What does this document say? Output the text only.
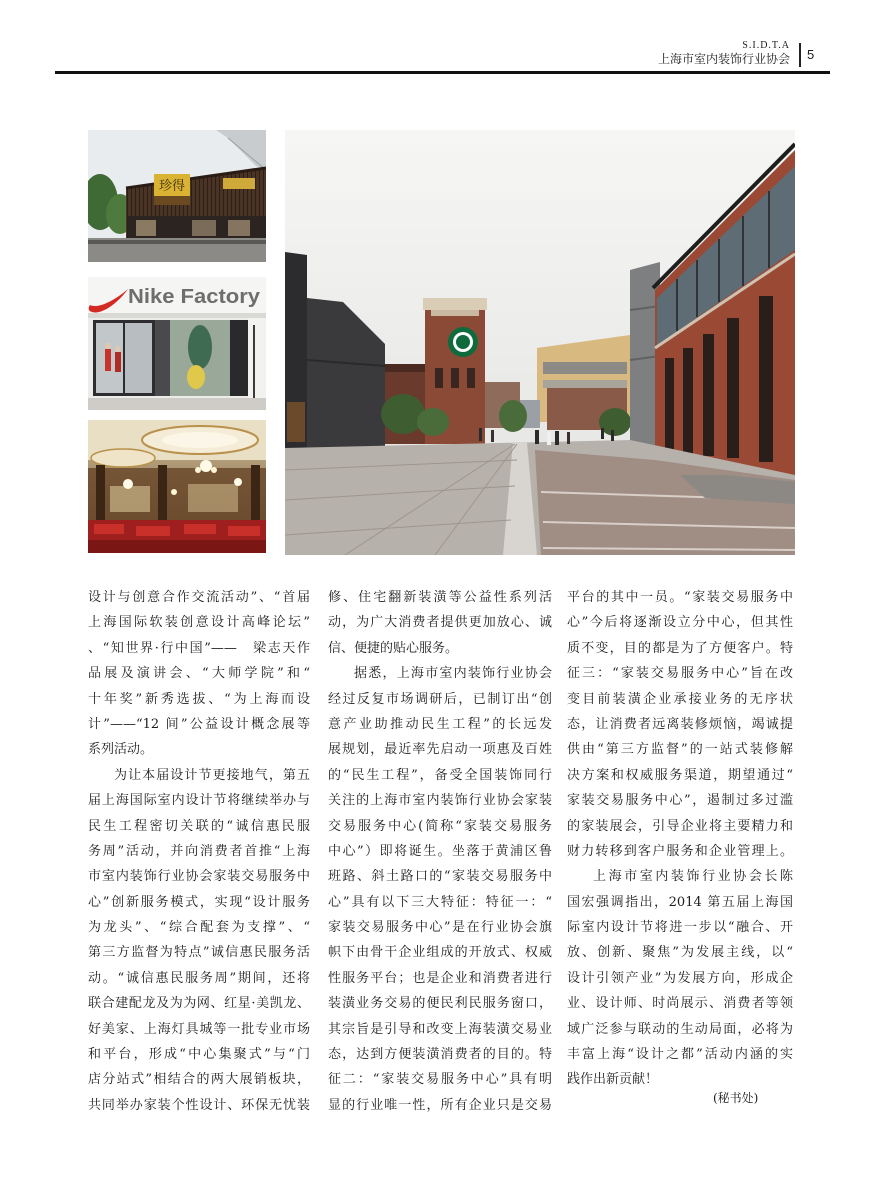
S.I.D.T.A
上海市室内装饰行业协会 5
珍得
Nike Factory
设计与创意合作交流活动”、“首届
上海国际软装创意设计高峰论坛”
、“知世界·行中国”——　梁志天作
品展及演讲会、“大师学院”和“
十年奖”新秀选拔、“为上海而设
计”——“12 间”公益设计概念展等
系列活动。
为让本届设计节更接地气，第五
届上海国际室内设计节将继续举办与
民生工程密切关联的“诚信惠民服
务周”活动，并向消费者首推“上海
市室内装饰行业协会家装交易服务中
心”创新服务模式，实现“设计服务
为龙头”、“综合配套为支撑”、“
第三方监督为特点”诚信惠民服务活
动。“诚信惠民服务周”期间，还将
联合建配龙及为为网、红星·美凯龙、
好美家、上海灯具城等一批专业市场
和平台，形成“中心集聚式”与“门
店分站式”相结合的两大展销板块，
共同举办家装个性设计、环保无忧装
修、住宅翻新装潢等公益性系列活
动，为广大消费者提供更加放心、诚
信、便捷的贴心服务。
据悉，上海市室内装饰行业协会
经过反复市场调研后，已制订出“创
意产业助推动民生工程”的长远发
展规划，最近率先启动一项惠及百姓
的“民生工程”，备受全国装饰同行
关注的上海市室内装饰行业协会家装
交易服务中心(简称“家装交易服务
中心”）即将诞生。坐落于黄浦区鲁
班路、斜土路口的“家装交易服务中
心”具有以下三大特征：特征一：“
家装交易服务中心”是在行业协会旗
帜下由骨干企业组成的开放式、权威
性服务平台；也是企业和消费者进行
装潢业务交易的便民利民服务窗口，
其宗旨是引导和改变上海装潢交易业
态，达到方便装潢消费者的目的。特
征二：“家装交易服务中心”具有明
显的行业唯一性，所有企业只是交易
平台的其中一员。“家装交易服务中
心”今后将逐渐设立分中心，但其性
质不变，目的都是为了方便客户。特
征三：“家装交易服务中心”旨在改
变目前装潢企业承接业务的无序状
态，让消费者远离装修烦恼，竭诚提
供由“第三方监督”的一站式装修解
决方案和权威服务渠道，期望通过“
家装交易服务中心”，遏制过多过滥
的家装展会，引导企业将主要精力和
财力转移到客户服务和企业管理上。
上海市室内装饰行业协会长陈
国宏强调指出，2014 第五届上海国
际室内设计节将进一步以“融合、开
放、创新、聚焦”为发展主线，以“
设计引领产业”为发展方向，形成企
业、设计师、时尚展示、消费者等领
域广泛参与联动的生动局面，必将为
丰富上海“设计之都”活动内涵的实
践作出新贡献！
(秘书处)
